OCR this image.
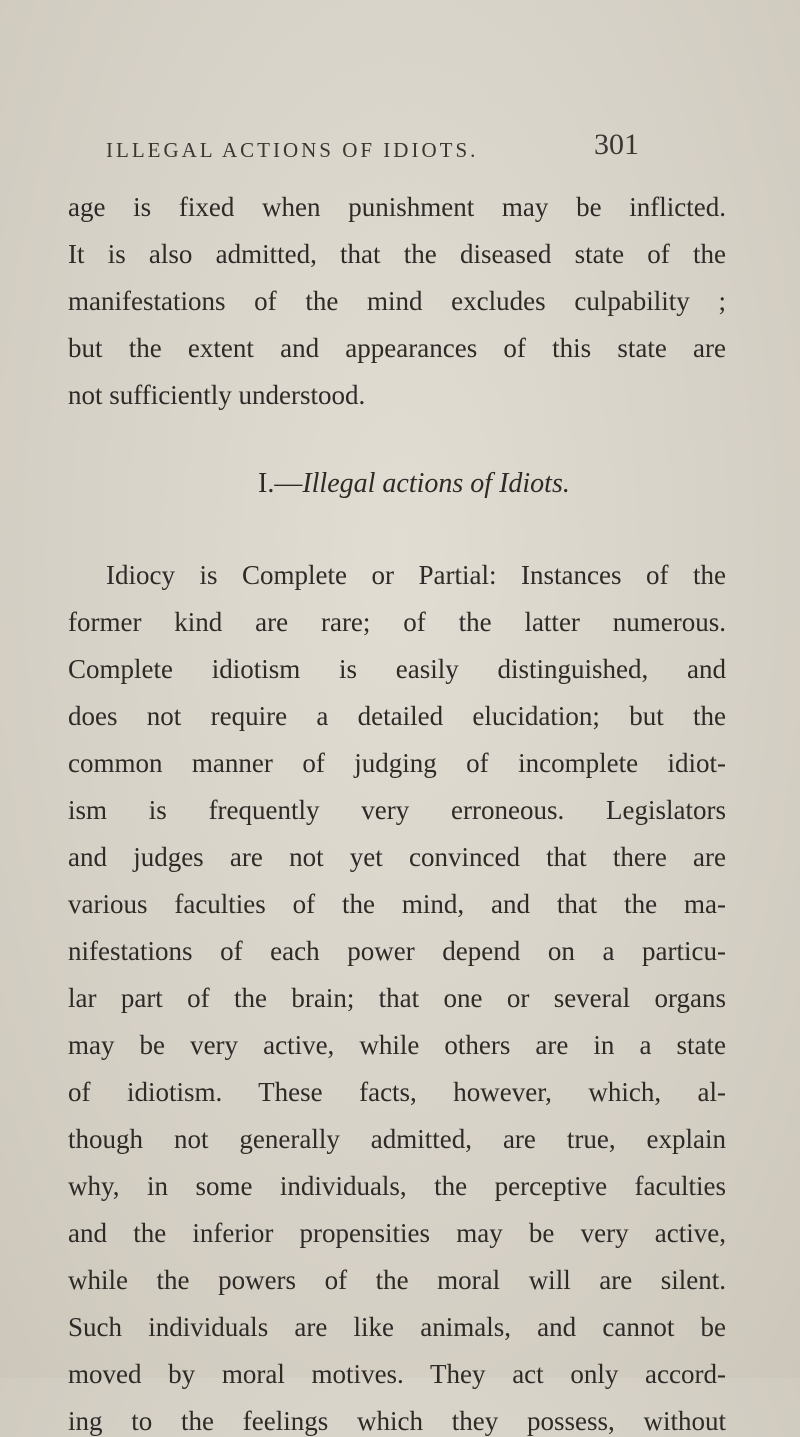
ILLEGAL ACTIONS OF IDIOTS.	301
age is fixed when punishment may be inflicted.
It is also admitted, that the diseased state of the
manifestations of the mind excludes culpability ;
but the extent and appearances of this state are
not sufficiently understood.
I.—Illegal actions of Idiots.
Idiocy is Complete or Partial: Instances of the
former kind are rare; of the latter numerous.
Complete idiotism is easily distinguished, and
does not require a detailed elucidation; but the
common manner of judging of incomplete idiot-
ism is frequently very erroneous. Legislators
and judges are not yet convinced that there are
various faculties of the mind, and that the ma-
nifestations of each power depend on a particu-
lar part of the brain; that one or several organs
may be very active, while others are in a state
of idiotism. These facts, however, which, al-
though not generally admitted, are true, explain
why, in some individuals, the perceptive faculties
and the inferior propensities may be very active,
while the powers of the moral will are silent.
Such individuals are like animals, and cannot be
moved by moral motives. They act only accord-
ing to the feelings which they possess, without
